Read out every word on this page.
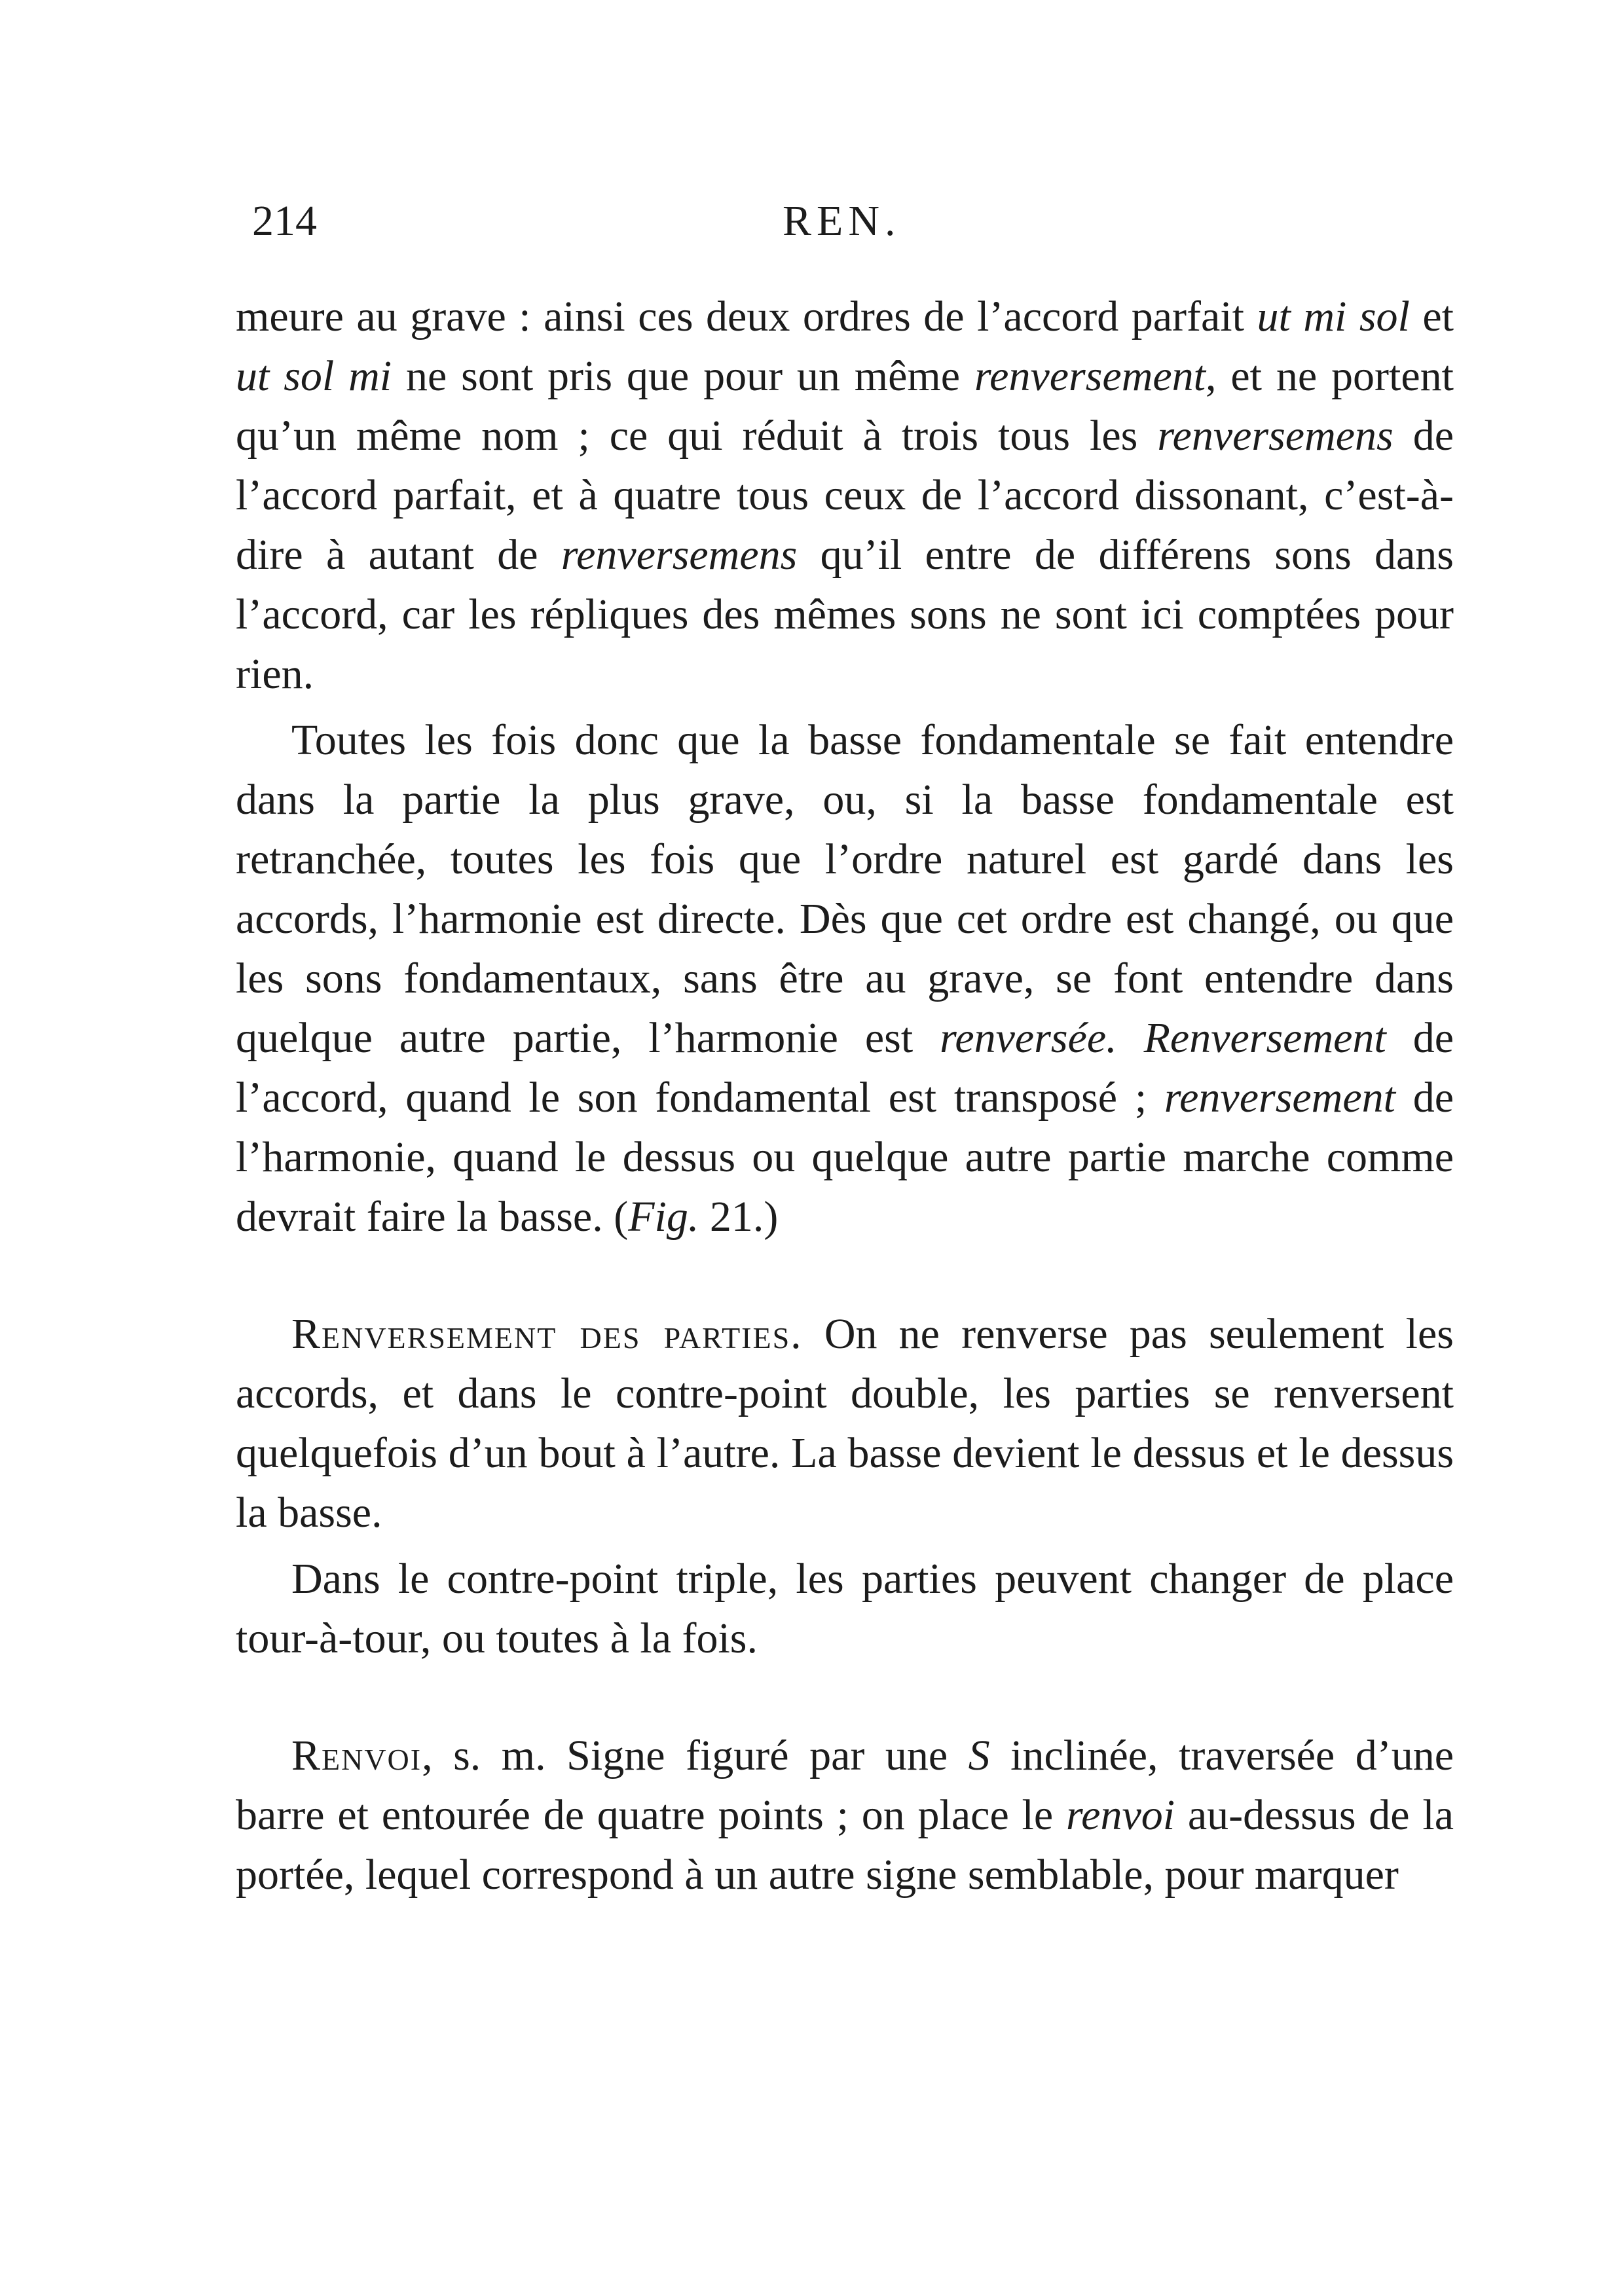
214	REN.

meure au grave : ainsi ces deux ordres de l’accord parfait ut mi sol et ut sol mi ne sont pris que pour un même renversement, et ne portent qu’un même nom ; ce qui réduit à trois tous les renversemens de l’accord parfait, et à quatre tous ceux de l’accord dissonant, c’est-à-dire à autant de renversemens qu’il entre de différens sons dans l’accord, car les répliques des mêmes sons ne sont ici comptées pour rien.

Toutes les fois donc que la basse fondamentale se fait entendre dans la partie la plus grave, ou, si la basse fondamentale est retranchée, toutes les fois que l’ordre naturel est gardé dans les accords, l’harmonie est directe. Dès que cet ordre est changé, ou que les sons fondamentaux, sans être au grave, se font entendre dans quelque autre partie, l’harmonie est renversée. Renversement de l’accord, quand le son fondamental est transposé ; renversement de l’harmonie, quand le dessus ou quelque autre partie marche comme devrait faire la basse. (Fig. 21.)

Renversement des parties. On ne renverse pas seulement les accords, et dans le contre-point double, les parties se renversent quelquefois d’un bout à l’autre. La basse devient le dessus et le dessus la basse.

Dans le contre-point triple, les parties peuvent changer de place tour-à-tour, ou toutes à la fois.

Renvoi, s. m. Signe figuré par une S inclinée, traversée d’une barre et entourée de quatre points ; on place le renvoi au-dessus de la portée, lequel correspond à un autre signe semblable, pour marquer
